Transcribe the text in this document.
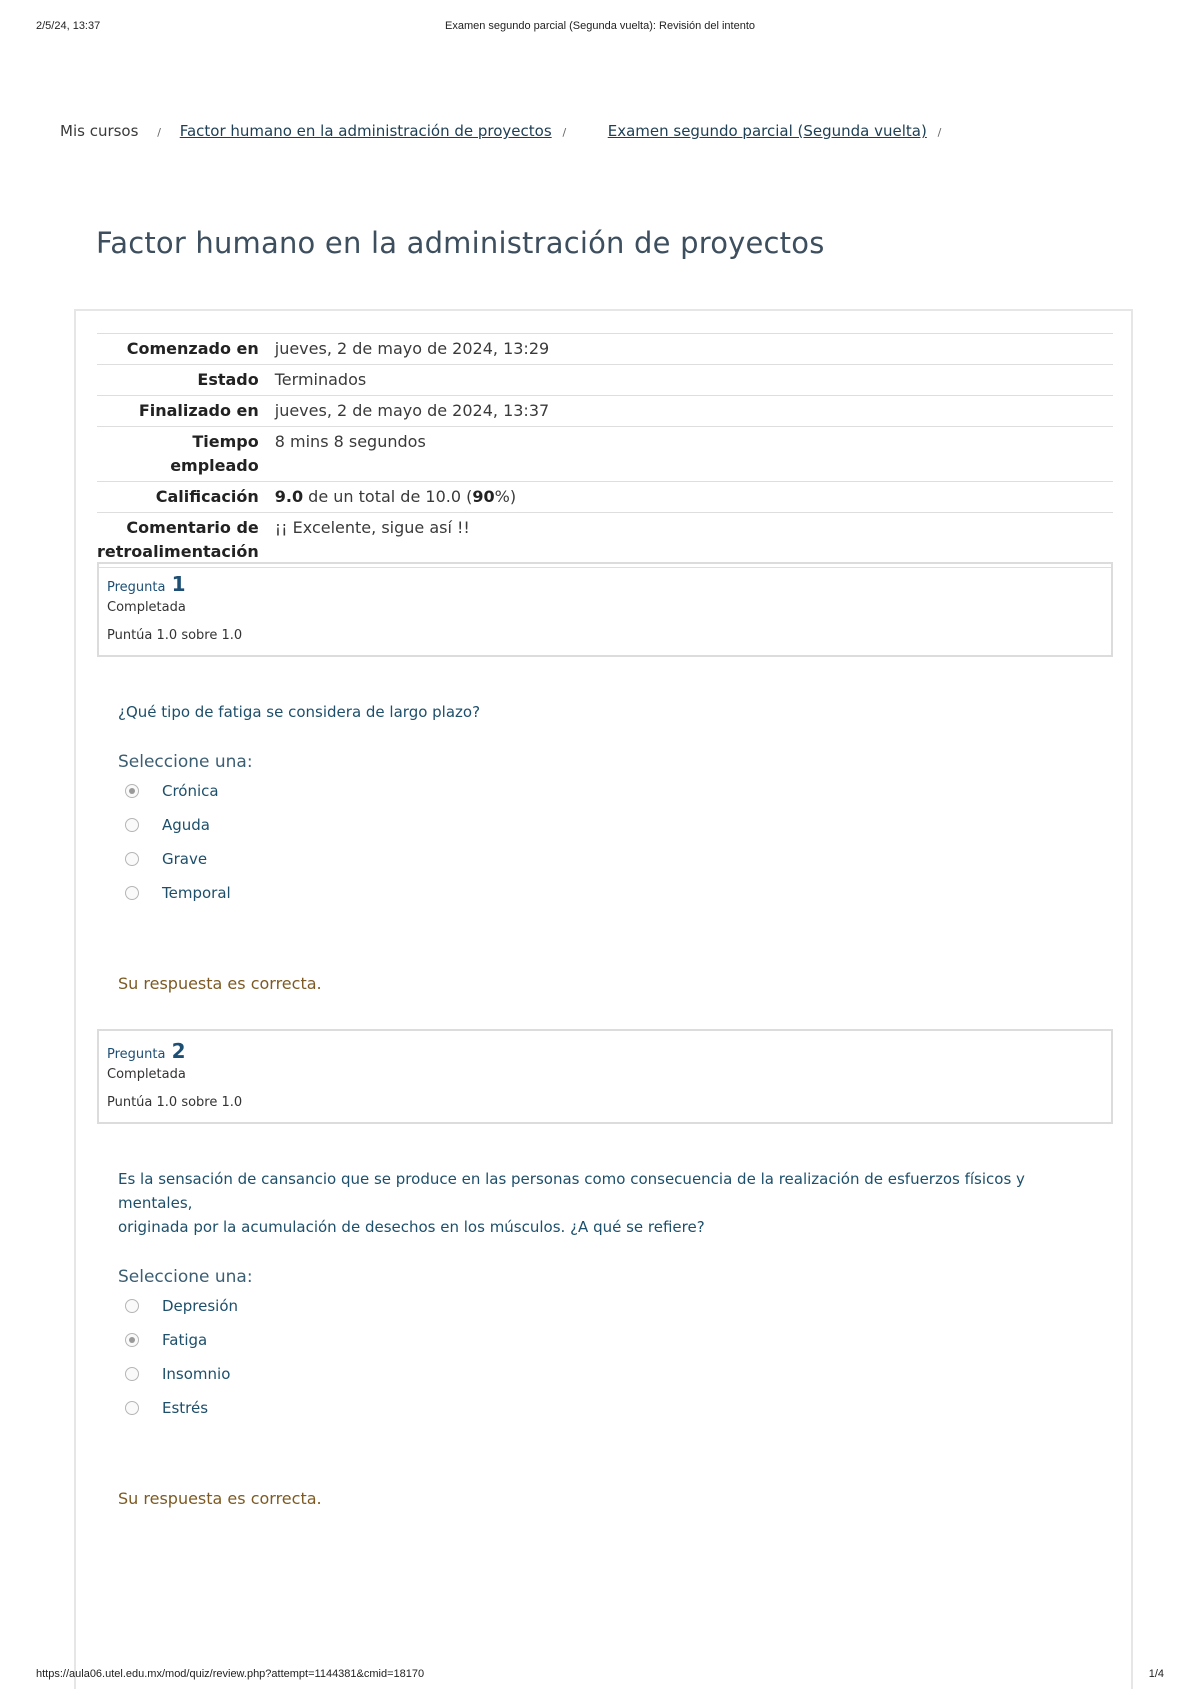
2/5/24, 13:37	Examen segundo parcial (Segunda vuelta): Revisión del intento
Mis cursos / Factor humano en la administración de proyectos /	Examen segundo parcial (Segunda vuelta) /
Factor humano en la administración de proyectos
Comenzado en	jueves, 2 de mayo de 2024, 13:29
Estado	Terminados
Finalizado en	jueves, 2 de mayo de 2024, 13:37
Tiempo
empleado	8 mins 8 segundos
Calificación	9.0 de un total de 10.0 (90%)
Comentario de
retroalimentación	¡¡ Excelente, sigue así !!
Pregunta 1
Completada
Puntúa 1.0 sobre 1.0
¿Qué tipo de fatiga se considera de largo plazo?
Seleccione una:
Crónica
Aguda
Grave
Temporal
Su respuesta es correcta.
Pregunta 2
Completada
Puntúa 1.0 sobre 1.0
Es la sensación de cansancio que se produce en las personas como consecuencia de la realización de esfuerzos físicos y mentales,
originada por la acumulación de desechos en los músculos. ¿A qué se refiere?
Seleccione una:
Depresión
Fatiga
Insomnio
Estrés
Su respuesta es correcta.
https://aula06.utel.edu.mx/mod/quiz/review.php?attempt=1144381&cmid=18170	1/4
